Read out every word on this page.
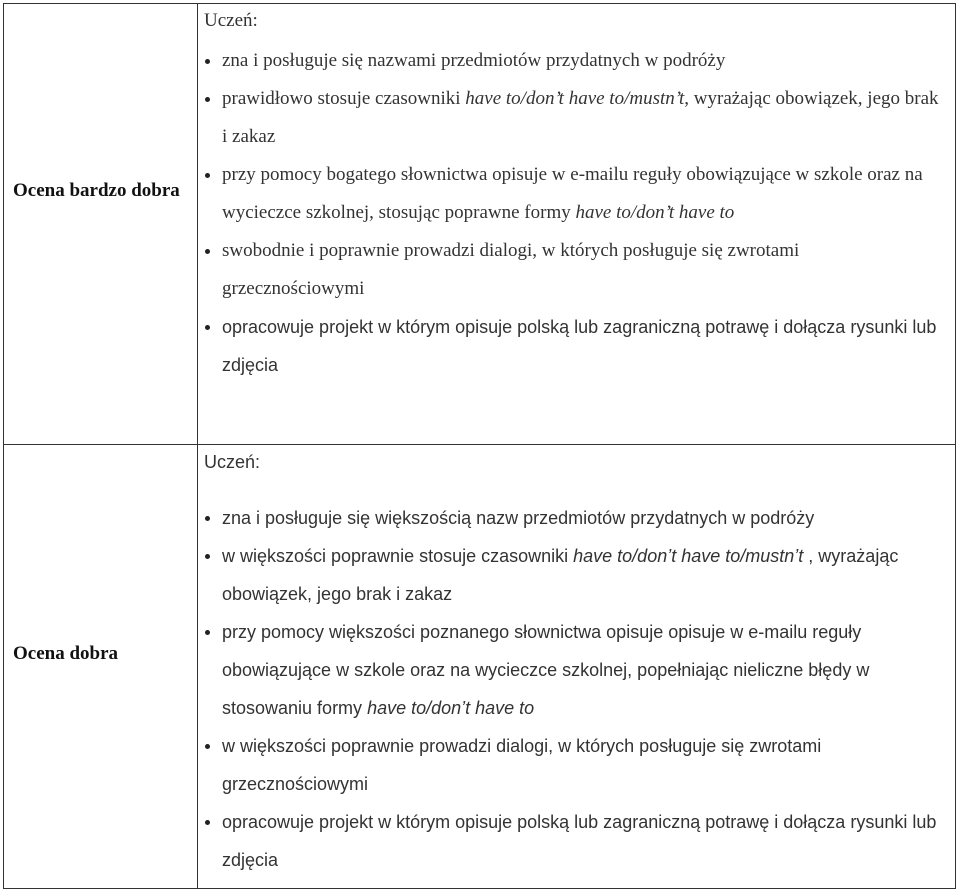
Ocena bardzo dobra
Uczeń:
zna i posługuje się nazwami przedmiotów przydatnych w podróży
prawidłowo stosuje czasowniki have to/don’t have to/mustn’t, wyrażając obowiązek, jego brak i zakaz
przy pomocy bogatego słownictwa opisuje w e-mailu reguły obowiązujące w szkole oraz na wycieczce szkolnej, stosując poprawne formy have to/don’t have to
swobodnie i poprawnie prowadzi dialogi, w których posługuje się zwrotami grzecznościowymi
opracowuje projekt w którym opisuje polską lub zagraniczną potrawę i dołącza rysunki lub zdjęcia
Ocena dobra
Uczeń:
zna i posługuje się większością nazw przedmiotów przydatnych w podróży
w większości poprawnie stosuje czasowniki have to/don’t have to/mustn’t , wyrażając obowiązek, jego brak i zakaz
przy pomocy większości poznanego słownictwa opisuje opisuje w e-mailu reguły obowiązujące w szkole oraz na wycieczce szkolnej, popełniając nieliczne błędy w stosowaniu formy have to/don’t have to
w większości poprawnie prowadzi dialogi, w których posługuje się zwrotami grzecznościowymi
opracowuje projekt w którym opisuje polską lub zagraniczną potrawę i dołącza rysunki lub zdjęcia
